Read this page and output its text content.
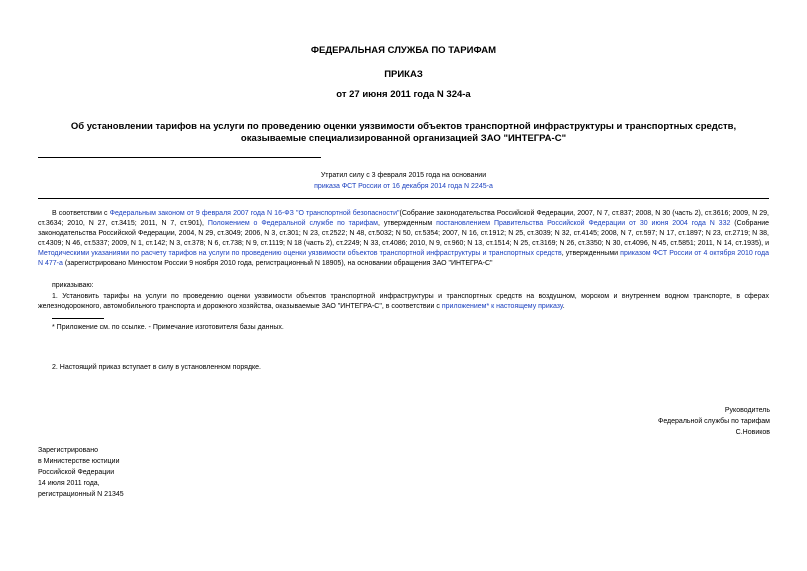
ФЕДЕРАЛЬНАЯ СЛУЖБА ПО ТАРИФАМ
ПРИКАЗ
от 27 июня 2011 года N 324-а
Об установлении тарифов на услуги по проведению оценки уязвимости объектов транспортной инфраструктуры и транспортных средств, оказываемые специализированной организацией ЗАО "ИНТЕГРА-С"
Утратил силу с 3 февраля 2015 года на основании
приказа ФСТ России от 16 декабря 2014 года N 2245-а

В соответствии с Федеральным законом от 9 февраля 2007 года N 16-ФЗ "О транспортной безопасности"(Собрание законодательства Российской Федерации, 2007, N 7, ст.837; 2008, N 30 (часть 2), ст.3616; 2009, N 29, ст.3634; 2010, N 27, ст.3415; 2011, N 7, ст.901), Положением о Федеральной службе по тарифам, утвержденным постановлением Правительства Российской Федерации от 30 июня 2004 года N 332 (Собрание законодательства Российской Федерации, 2004, N 29, ст.3049; 2006, N 3, ст.301; N 23, ст.2522; N 48, ст.5032; N 50, ст.5354; 2007, N 16, ст.1912; N 25, ст.3039; N 32, ст.4145; 2008, N 7, ст.597; N 17, ст.1897; N 23, ст.2719; N 38, ст.4309; N 46, ст.5337; 2009, N 1, ст.142; N 3, ст.378; N 6, ст.738; N 9, ст.1119; N 18 (часть 2), ст.2249; N 33, ст.4086; 2010, N 9, ст.960; N 13, ст.1514; N 25, ст.3169; N 26, ст.3350; N 30, ст.4096, N 45, ст.5851; 2011, N 14, ст.1935), и Методическими указаниями по расчету тарифов на услуги по проведению оценки уязвимости объектов транспортной инфраструктуры и транспортных средств, утвержденными приказом ФСТ России от 4 октября 2010 года N 477-а (зарегистрировано Минюстом России 9 ноября 2010 года, регистрационный N 18905), на основании обращения ЗАО "ИНТЕГРА-С"

приказываю:

1. Установить тарифы на услуги по проведению оценки уязвимости объектов транспортной инфраструктуры и транспортных средств на воздушном, морском и внутреннем водном транспорте, в сферах железнодорожного, автомобильного транспорта и дорожного хозяйства, оказываемые ЗАО "ИНТЕГРА-С", в соответствии с приложением* к настоящему приказу.

* Приложение см. по ссылке. - Примечание изготовителя базы данных.
2. Настоящий приказ вступает в силу в установленном порядке.
Руководитель
Федеральной службы по тарифам
С.Новиков
Зарегистрировано
в Министерстве юстиции
Российской Федерации
14 июля 2011 года,
регистрационный N 21345
